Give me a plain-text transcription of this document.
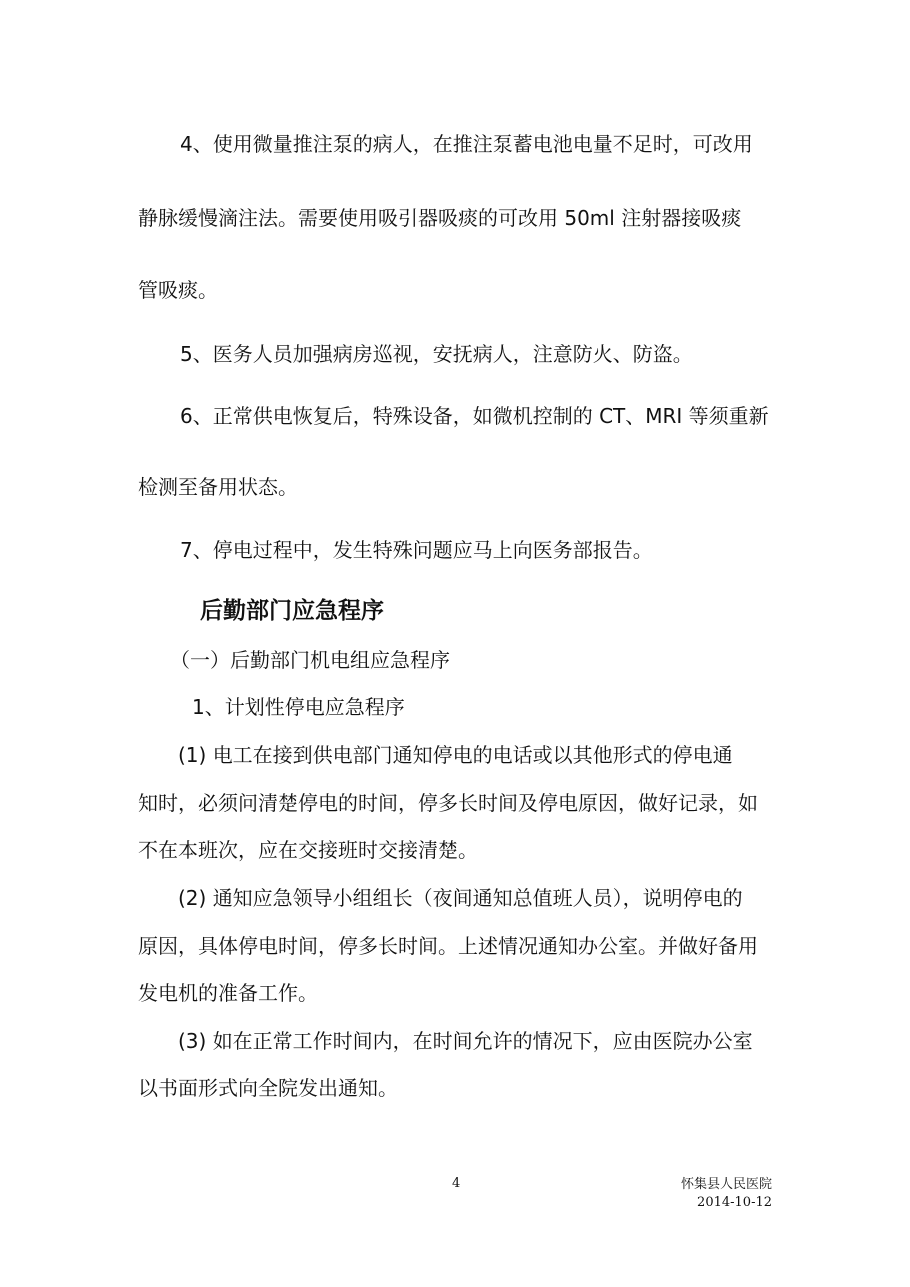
4、使用微量推注泵的病人，在推注泵蓄电池电量不足时，可改用
静脉缓慢滴注法。需要使用吸引器吸痰的可改用 50ml 注射器接吸痰
管吸痰。
5、医务人员加强病房巡视，安抚病人，注意防火、防盗。
6、正常供电恢复后，特殊设备，如微机控制的 CT、MRI 等须重新
检测至备用状态。
7、停电过程中，发生特殊问题应马上向医务部报告。
后勤部门应急程序
（一）后勤部门机电组应急程序
1、计划性停电应急程序
(1) 电工在接到供电部门通知停电的电话或以其他形式的停电通
知时，必须问清楚停电的时间，停多长时间及停电原因，做好记录，如
不在本班次，应在交接班时交接清楚。
(2) 通知应急领导小组组长（夜间通知总值班人员），说明停电的
原因，具体停电时间，停多长时间。上述情况通知办公室。并做好备用
发电机的准备工作。
(3) 如在正常工作时间内，在时间允许的情况下，应由医院办公室
以书面形式向全院发出通知。
4	怀集县人民医院
2014-10-12
